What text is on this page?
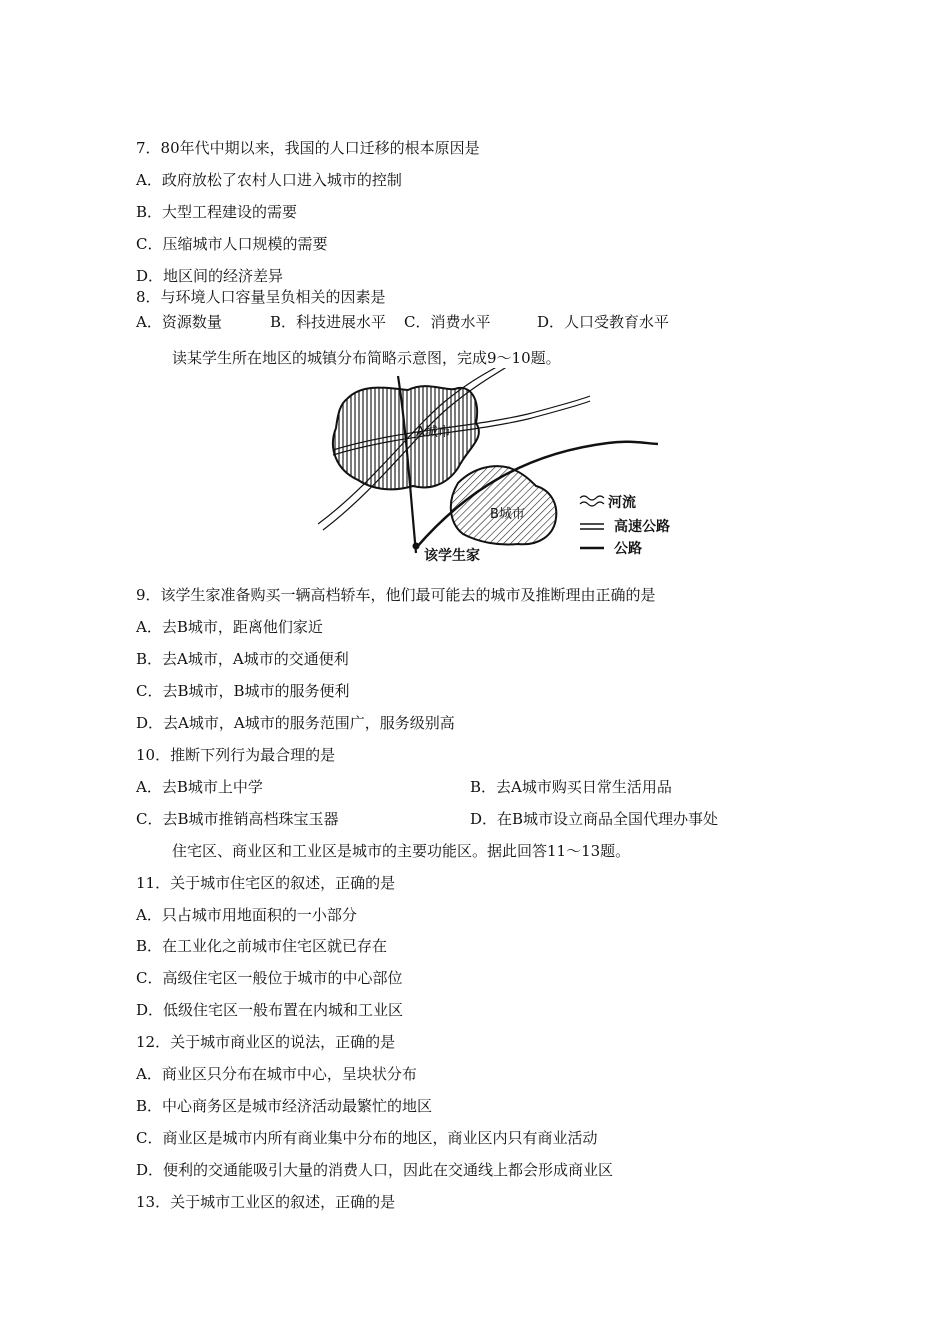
7．80年代中期以来，我国的人口迁移的根本原因是
A．政府放松了农村人口进入城市的控制
B．大型工程建设的需要
C．压缩城市人口规模的需要
D．地区间的经济差异
8．与环境人口容量呈负相关的因素是
A．资源数量	B．科技进展水平 C．消费水平	D．人口受教育水平
读某学生所在地区的城镇分布简略示意图，完成9～10题。
A城市
B城市
该学生家
河流
高速公路
公路
9．该学生家准备购买一辆高档轿车，他们最可能去的城市及推断理由正确的是
A．去B城市，距离他们家近
B．去A城市，A城市的交通便利
C．去B城市，B城市的服务便利
D．去A城市，A城市的服务范围广，服务级别高
10．推断下列行为最合理的是
A．去B城市上中学	B．去A城市购买日常生活用品
C．去B城市推销高档珠宝玉器	D．在B城市设立商品全国代理办事处
住宅区、商业区和工业区是城市的主要功能区。据此回答11～13题。
11．关于城市住宅区的叙述，正确的是
A．只占城市用地面积的一小部分
B．在工业化之前城市住宅区就已存在
C．高级住宅区一般位于城市的中心部位
D．低级住宅区一般布置在内城和工业区
12．关于城市商业区的说法，正确的是
A．商业区只分布在城市中心，呈块状分布
B．中心商务区是城市经济活动最繁忙的地区
C．商业区是城市内所有商业集中分布的地区，商业区内只有商业活动
D．便利的交通能吸引大量的消费人口，因此在交通线上都会形成商业区
13．关于城市工业区的叙述，正确的是
